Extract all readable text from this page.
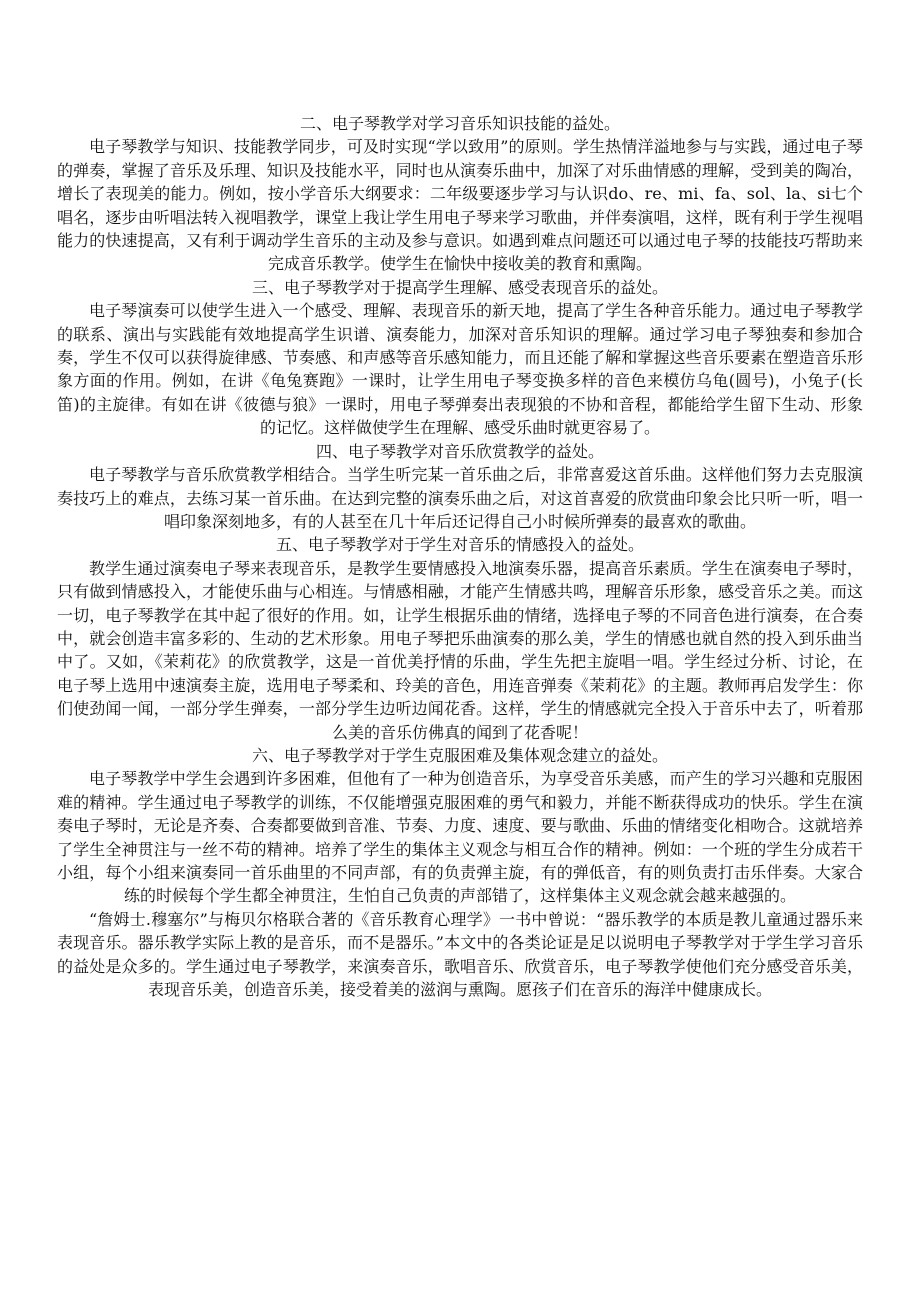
二、电子琴教学对学习音乐知识技能的益处。

电子琴教学与知识、技能教学同步，可及时实现“学以致用”的原则。学生热情洋溢地参与与实践，通过电子琴的弹奏，掌握了音乐及乐理、知识及技能水平，同时也从演奏乐曲中，加深了对乐曲情感的理解，受到美的陶冶，增长了表现美的能力。例如，按小学音乐大纲要求：二年级要逐步学习与认识do、re、mi、fa、sol、la、si七个唱名，逐步由听唱法转入视唱教学，课堂上我让学生用电子琴来学习歌曲，并伴奏演唱，这样，既有利于学生视唱能力的快速提高，又有利于调动学生音乐的主动及参与意识。如遇到难点问题还可以通过电子琴的技能技巧帮助来完成音乐教学。使学生在愉快中接收美的教育和熏陶。

三、电子琴教学对于提高学生理解、感受表现音乐的益处。

电子琴演奏可以使学生进入一个感受、理解、表现音乐的新天地，提高了学生各种音乐能力。通过电子琴教学的联系、演出与实践能有效地提高学生识谱、演奏能力，加深对音乐知识的理解。通过学习电子琴独奏和参加合奏，学生不仅可以获得旋律感、节奏感、和声感等音乐感知能力，而且还能了解和掌握这些音乐要素在塑造音乐形象方面的作用。例如，在讲《龟兔赛跑》一课时，让学生用电子琴变换多样的音色来模仿乌龟(圆号)，小兔子(长笛)的主旋律。有如在讲《彼德与狼》一课时，用电子琴弹奏出表现狼的不协和音程，都能给学生留下生动、形象的记忆。这样做使学生在理解、感受乐曲时就更容易了。

四、电子琴教学对音乐欣赏教学的益处。

电子琴教学与音乐欣赏教学相结合。当学生听完某一首乐曲之后，非常喜爱这首乐曲。这样他们努力去克服演奏技巧上的难点，去练习某一首乐曲。在达到完整的演奏乐曲之后，对这首喜爱的欣赏曲印象会比只听一听，唱一唱印象深刻地多，有的人甚至在几十年后还记得自己小时候所弹奏的最喜欢的歌曲。

五、电子琴教学对于学生对音乐的情感投入的益处。

教学生通过演奏电子琴来表现音乐，是教学生要情感投入地演奏乐器，提高音乐素质。学生在演奏电子琴时，只有做到情感投入，才能使乐曲与心相连。与情感相融，才能产生情感共鸣，理解音乐形象，感受音乐之美。而这一切，电子琴教学在其中起了很好的作用。如，让学生根据乐曲的情绪，选择电子琴的不同音色进行演奏，在合奏中，就会创造丰富多彩的、生动的艺术形象。用电子琴把乐曲演奏的那么美，学生的情感也就自然的投入到乐曲当中了。又如，《茉莉花》的欣赏教学，这是一首优美抒情的乐曲，学生先把主旋唱一唱。学生经过分析、讨论，在电子琴上选用中速演奏主旋，选用电子琴柔和、玲美的音色，用连音弹奏《茉莉花》的主题。教师再启发学生：你们使劲闻一闻，一部分学生弹奏，一部分学生边听边闻花香。这样，学生的情感就完全投入于音乐中去了，听着那么美的音乐仿佛真的闻到了花香呢！

六、电子琴教学对于学生克服困难及集体观念建立的益处。

电子琴教学中学生会遇到许多困难，但他有了一种为创造音乐，为享受音乐美感，而产生的学习兴趣和克服困难的精神。学生通过电子琴教学的训练，不仅能增强克服困难的勇气和毅力，并能不断获得成功的快乐。学生在演奏电子琴时，无论是齐奏、合奏都要做到音准、节奏、力度、速度、要与歌曲、乐曲的情绪变化相吻合。这就培养了学生全神贯注与一丝不苟的精神。培养了学生的集体主义观念与相互合作的精神。例如：一个班的学生分成若干小组，每个小组来演奏同一首乐曲里的不同声部，有的负责弹主旋，有的弹低音，有的则负责打击乐伴奏。大家合练的时候每个学生都全神贯注，生怕自己负责的声部错了，这样集体主义观念就会越来越强的。

“詹姆士.穆塞尔”与梅贝尔格联合著的《音乐教育心理学》一书中曾说：“器乐教学的本质是教儿童通过器乐来表现音乐。器乐教学实际上教的是音乐，而不是器乐。”本文中的各类论证是足以说明电子琴教学对于学生学习音乐的益处是众多的。学生通过电子琴教学，来演奏音乐，歌唱音乐、欣赏音乐，电子琴教学使他们充分感受音乐美，表现音乐美，创造音乐美，接受着美的滋润与熏陶。愿孩子们在音乐的海洋中健康成长。
